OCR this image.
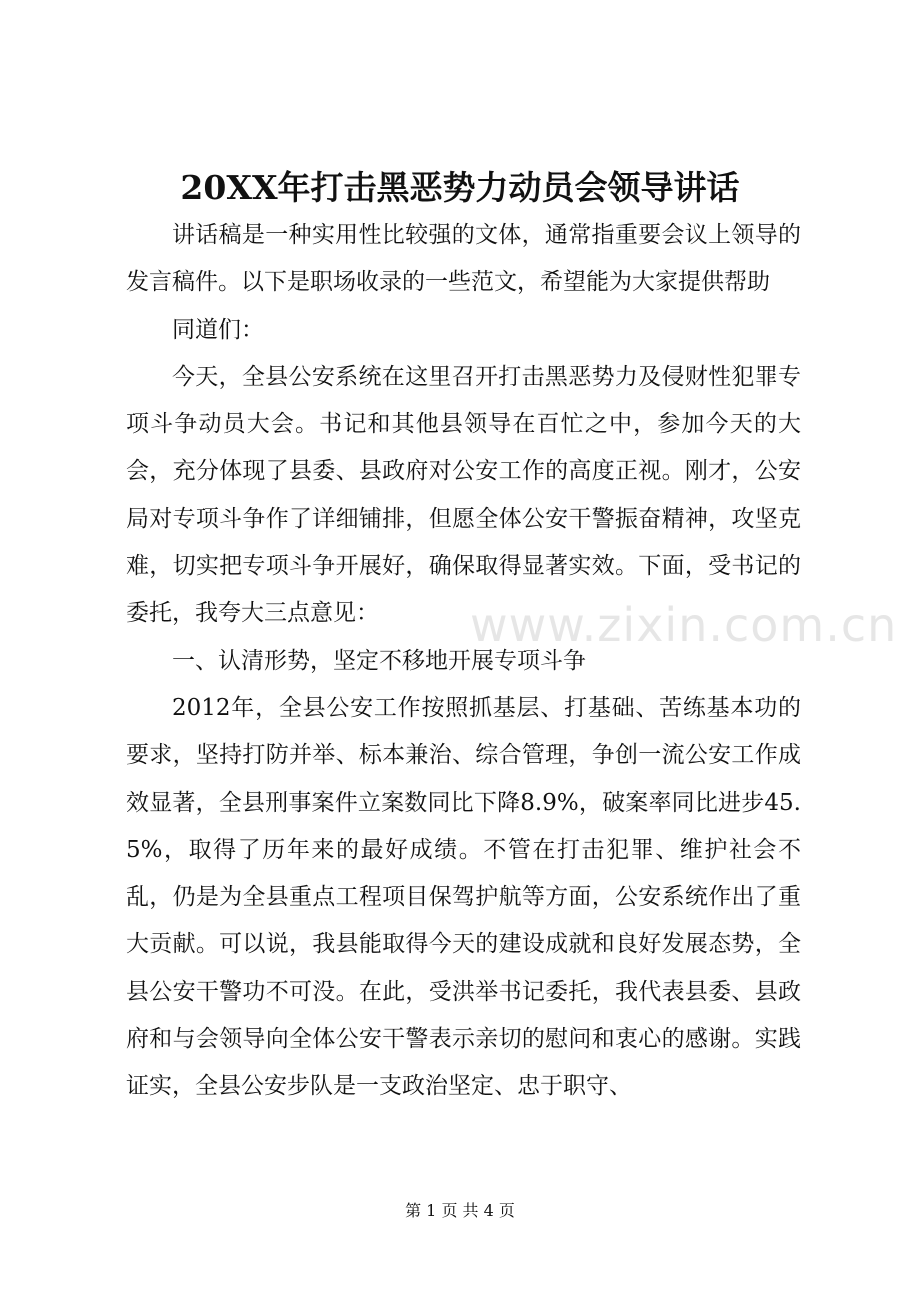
20XX年打击黑恶势力动员会领导讲话

讲话稿是一种实用性比较强的文体，通常指重要会议上领导的发言稿件。以下是职场收录的一些范文，希望能为大家提供帮助

同道们：

今天，全县公安系统在这里召开打击黑恶势力及侵财性犯罪专项斗争动员大会。书记和其他县领导在百忙之中，参加今天的大会，充分体现了县委、县政府对公安工作的高度正视。刚才，公安局对专项斗争作了详细铺排，但愿全体公安干警振奋精神，攻坚克难，切实把专项斗争开展好，确保取得显著实效。下面，受书记的委托，我夸大三点意见：

一、认清形势，坚定不移地开展专项斗争

2012年，全县公安工作按照抓基层、打基础、苦练基本功的要求，坚持打防并举、标本兼治、综合管理，争创一流公安工作成效显著，全县刑事案件立案数同比下降8.9%，破案率同比进步45.5%，取得了历年来的最好成绩。不管在打击犯罪、维护社会不乱，仍是为全县重点工程项目保驾护航等方面，公安系统作出了重大贡献。可以说，我县能取得今天的建设成就和良好发展态势，全县公安干警功不可没。在此，受洪举书记委托，我代表县委、县政府和与会领导向全体公安干警表示亲切的慰问和衷心的感谢。实践证实，全县公安步队是一支政治坚定、忠于职守、

www.zixin.com.cn
第 1 页 共 4 页
